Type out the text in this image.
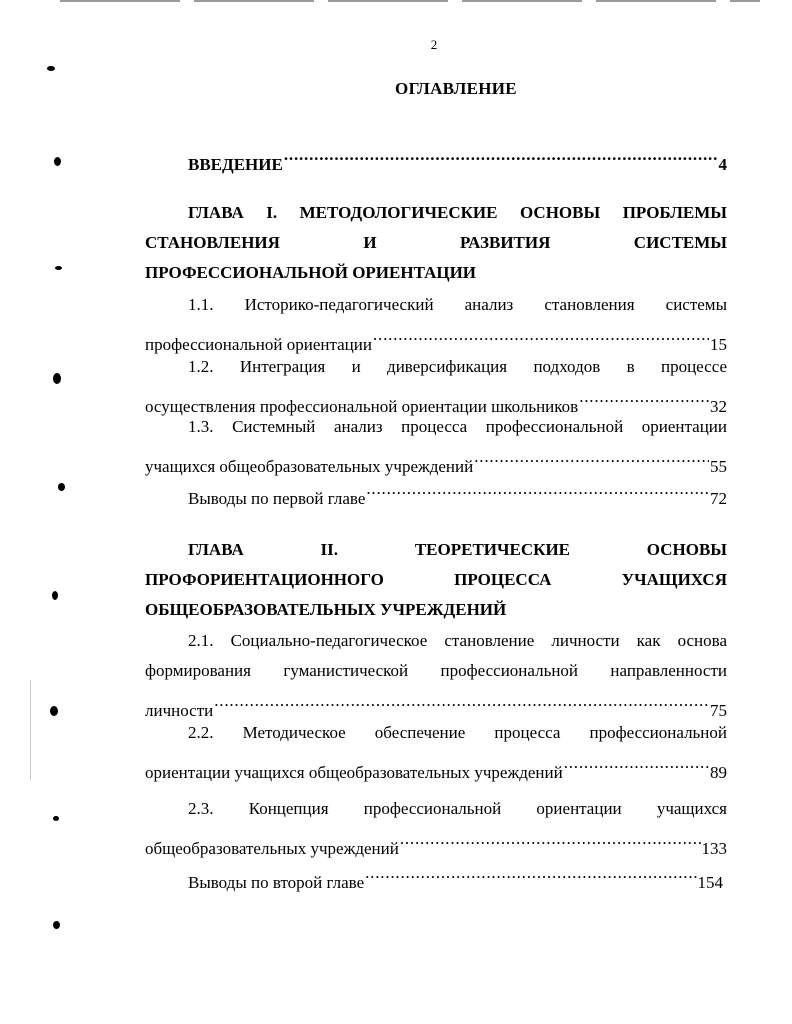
2
ОГЛАВЛЕНИЕ
ВВЕДЕНИЕ .....	4
ГЛАВА I. МЕТОДОЛОГИЧЕСКИЕ ОСНОВЫ ПРОБЛЕМЫ
СТАНОВЛЕНИЯ И РАЗВИТИЯ СИСТЕМЫ
ПРОФЕССИОНАЛЬНОЙ ОРИЕНТАЦИИ
1.1. Историко-педагогический анализ становления системы
профессиональной ориентации .....	15
1.2. Интеграция и диверсификация подходов в процессе
осуществления профессиональной ориентации школьников .....	32
1.3. Системный анализ процесса профессиональной ориентации
учащихся общеобразовательных учреждений .....	55
Выводы по первой главе .....	72
ГЛАВА II. ТЕОРЕТИЧЕСКИЕ ОСНОВЫ
ПРОФОРИЕНТАЦИОННОГО ПРОЦЕССА УЧАЩИХСЯ
ОБЩЕОБРАЗОВАТЕЛЬНЫХ УЧРЕЖДЕНИЙ
2.1. Социально-педагогическое становление личности как основа
формирования гуманистической профессиональной направленности
личности .....	75
2.2. Методическое обеспечение процесса профессиональной
ориентации учащихся общеобразовательных учреждений .....	89
2.3. Концепция профессиональной ориентации учащихся
общеобразовательных учреждений .....	133
Выводы по второй главе .....	154
